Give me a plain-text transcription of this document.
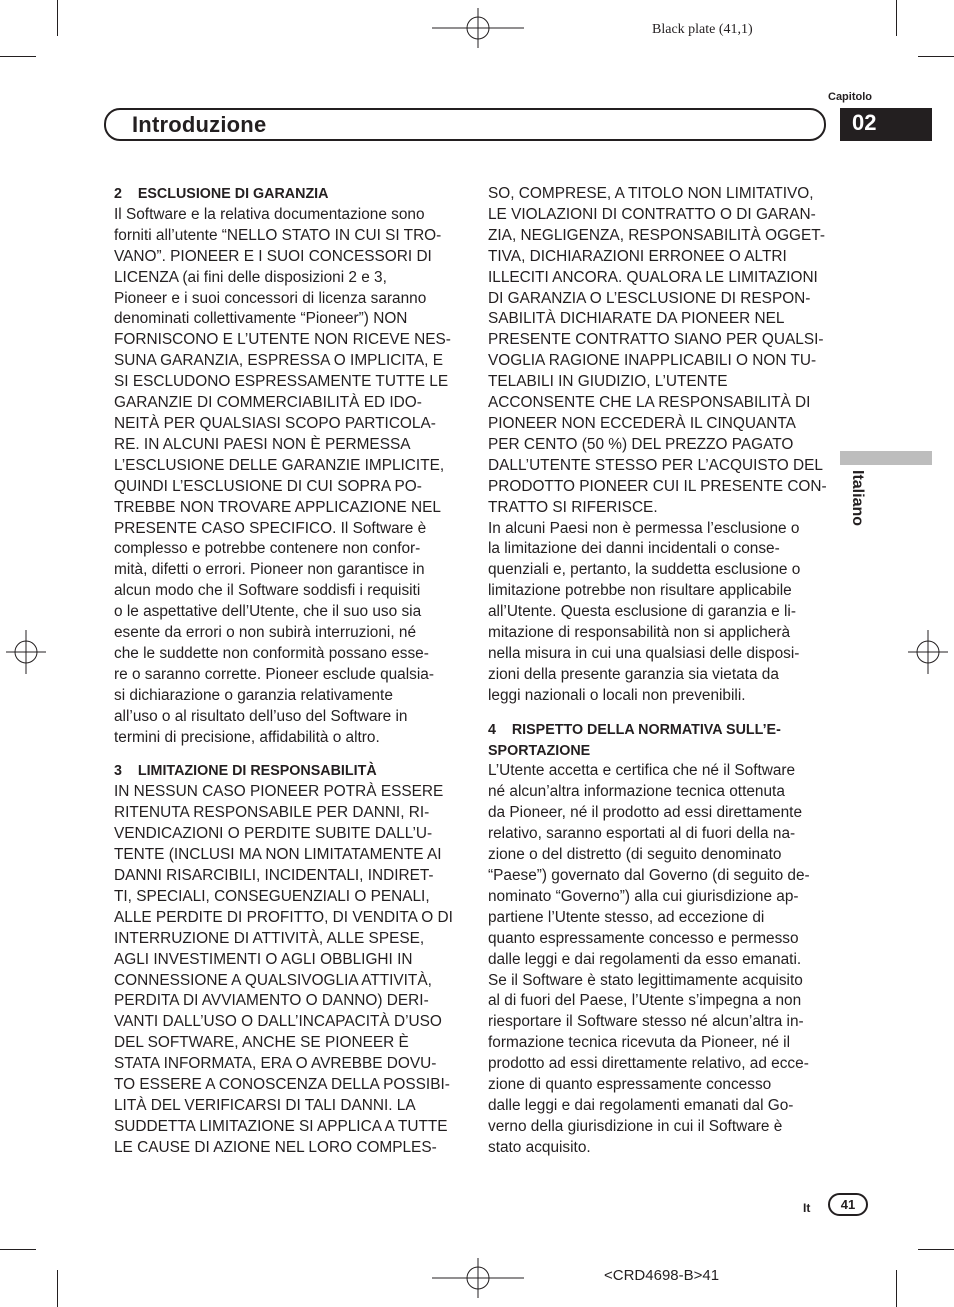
Black plate (41,1)
Capitolo
Introduzione	02
Italiano
2    ESCLUSIONE DI GARANZIA

Il Software e la relativa documentazione sono

forniti all’utente “NELLO STATO IN CUI SI TRO-

VANO”. PIONEER E I SUOI CONCESSORI DI

LICENZA (ai fini delle disposizioni 2 e 3,

Pioneer e i suoi concessori di licenza saranno

denominati collettivamente “Pioneer”) NON

FORNISCONO E L’UTENTE NON RICEVE NES-

SUNA GARANZIA, ESPRESSA O IMPLICITA, E

SI ESCLUDONO ESPRESSAMENTE TUTTE LE

GARANZIE DI COMMERCIABILITÀ ED IDO-

NEITÀ PER QUALSIASI SCOPO PARTICOLA-

RE. IN ALCUNI PAESI NON È PERMESSA

L’ESCLUSIONE DELLE GARANZIE IMPLICITE,

QUINDI L’ESCLUSIONE DI CUI SOPRA PO-

TREBBE NON TROVARE APPLICAZIONE NEL

PRESENTE CASO SPECIFICO. Il Software è

complesso e potrebbe contenere non confor-

mità, difetti o errori. Pioneer non garantisce in

alcun modo che il Software soddisfi i requisiti

o le aspettative dell’Utente, che il suo uso sia

esente da errori o non subirà interruzioni, né

che le suddette non conformità possano esse-

re o saranno corrette. Pioneer esclude qualsia-

si dichiarazione o garanzia relativamente

all’uso o al risultato dell’uso del Software in

termini di precisione, affidabilità o altro.

3    LIMITAZIONE DI RESPONSABILITÀ

IN NESSUN CASO PIONEER POTRÀ ESSERE

RITENUTA RESPONSABILE PER DANNI, RI-

VENDICAZIONI O PERDITE SUBITE DALL’U-

TENTE (INCLUSI MA NON LIMITATAMENTE AI

DANNI RISARCIBILI, INCIDENTALI, INDIRET-

TI, SPECIALI, CONSEGUENZIALI O PENALI,

ALLE PERDITE DI PROFITTO, DI VENDITA O DI

INTERRUZIONE DI ATTIVITÀ, ALLE SPESE,

AGLI INVESTIMENTI O AGLI OBBLIGHI IN

CONNESSIONE A QUALSIVOGLIA ATTIVITÀ,

PERDITA DI AVVIAMENTO O DANNO) DERI-

VANTI DALL’USO O DALL’INCAPACITÀ D’USO

DEL SOFTWARE, ANCHE SE PIONEER È

STATA INFORMATA, ERA O AVREBBE DOVU-

TO ESSERE A CONOSCENZA DELLA POSSIBI-

LITÀ DEL VERIFICARSI DI TALI DANNI. LA

SUDDETTA LIMITAZIONE SI APPLICA A TUTTE

LE CAUSE DI AZIONE NEL LORO COMPLES-

SO, COMPRESE, A TITOLO NON LIMITATIVO,

LE VIOLAZIONI DI CONTRATTO O DI GARAN-

ZIA, NEGLIGENZA, RESPONSABILITÀ OGGET-

TIVA, DICHIARAZIONI ERRONEE O ALTRI

ILLECITI ANCORA. QUALORA LE LIMITAZIONI

DI GARANZIA O L’ESCLUSIONE DI RESPON-

SABILITÀ DICHIARATE DA PIONEER NEL

PRESENTE CONTRATTO SIANO PER QUALSI-

VOGLIA RAGIONE INAPPLICABILI O NON TU-

TELABILI IN GIUDIZIO, L’UTENTE

ACCONSENTE CHE LA RESPONSABILITÀ DI

PIONEER NON ECCEDERÀ IL CINQUANTA

PER CENTO (50 %) DEL PREZZO PAGATO

DALL’UTENTE STESSO PER L’ACQUISTO DEL

PRODOTTO PIONEER CUI IL PRESENTE CON-

TRATTO SI RIFERISCE.

In alcuni Paesi non è permessa l’esclusione o

la limitazione dei danni incidentali o conse-

quenziali e, pertanto, la suddetta esclusione o

limitazione potrebbe non risultare applicabile

all’Utente. Questa esclusione di garanzia e li-

mitazione di responsabilità non si applicherà

nella misura in cui una qualsiasi delle disposi-

zioni della presente garanzia sia vietata da

leggi nazionali o locali non prevenibili.

4    RISPETTO DELLA NORMATIVA SULL’E-
SPORTAZIONE

L’Utente accetta e certifica che né il Software

né alcun’altra informazione tecnica ottenuta

da Pioneer, né il prodotto ad essi direttamente

relativo, saranno esportati al di fuori della na-

zione o del distretto (di seguito denominato

“Paese”) governato dal Governo (di seguito de-

nominato “Governo”) alla cui giurisdizione ap-

partiene l’Utente stesso, ad eccezione di

quanto espressamente concesso e permesso

dalle leggi e dai regolamenti da esso emanati.

Se il Software è stato legittimamente acquisito

al di fuori del Paese, l’Utente s’impegna a non

riesportare il Software stesso né alcun’altra in-

formazione tecnica ricevuta da Pioneer, né il

prodotto ad essi direttamente relativo, ad ecce-

zione di quanto espressamente concesso

dalle leggi e dai regolamenti emanati dal Go-

verno della giurisdizione in cui il Software è

stato acquisito.

It	41
<CRD4698-B>41
